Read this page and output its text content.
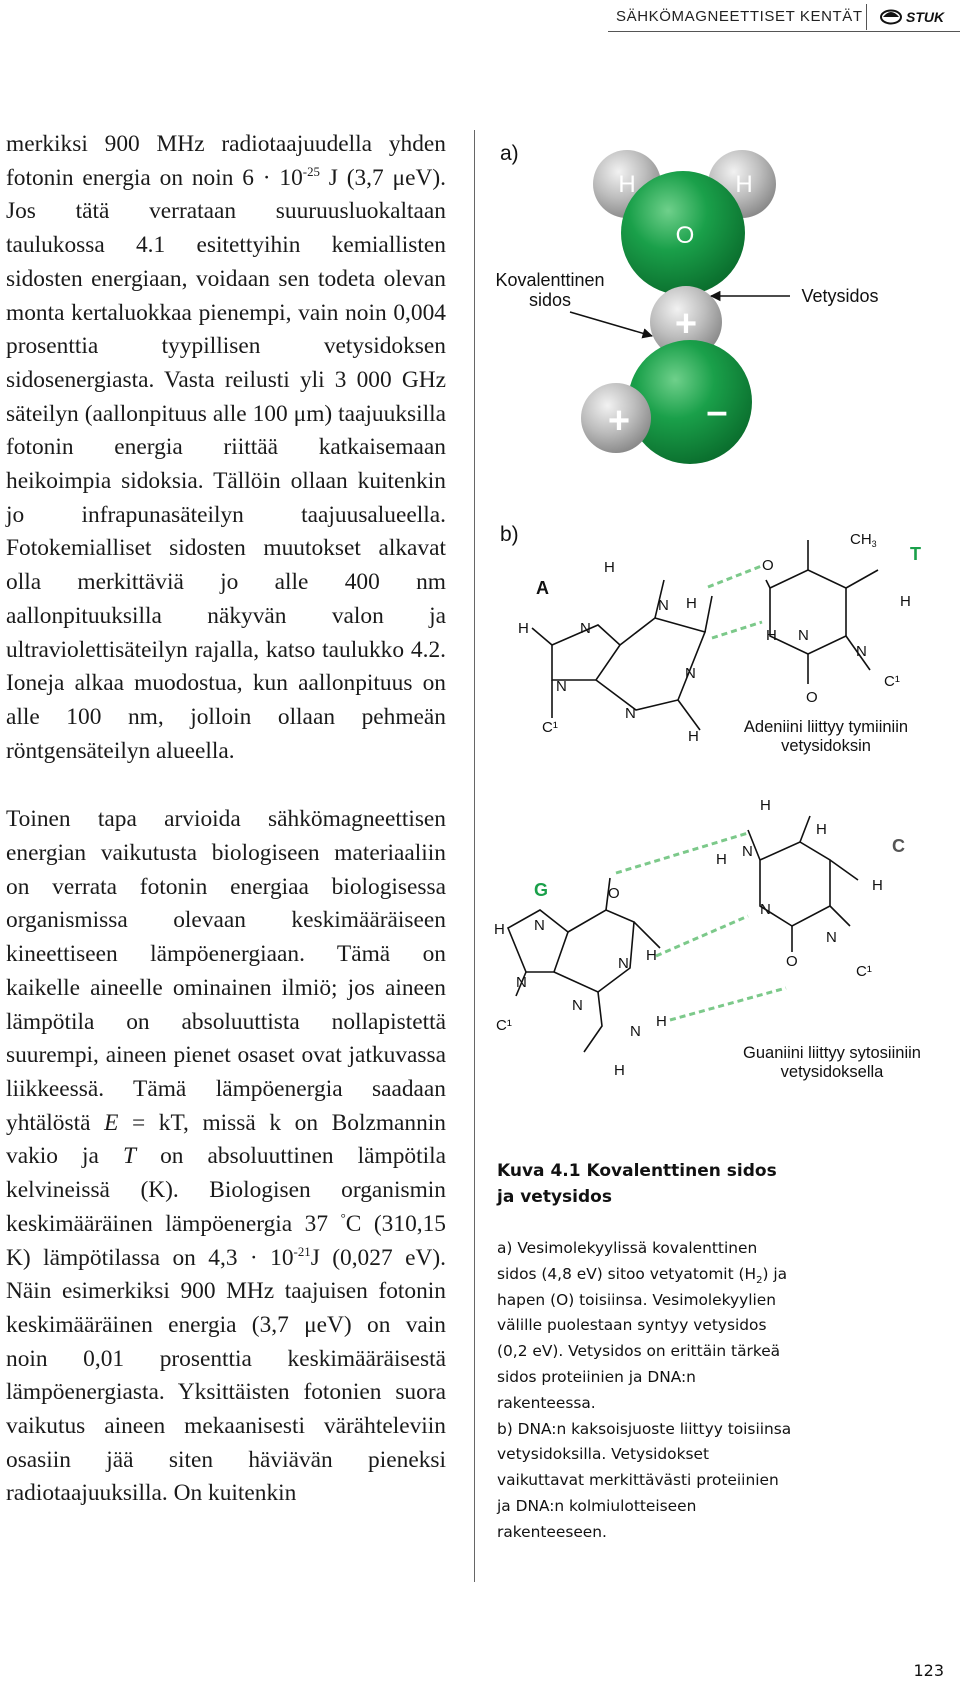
SÄHKÖMAGNEETTISET KENTÄT	STUK

merkiksi 900 MHz radiotaajuudella yhden fotonin energia on noin $6 \cdot 10^{-25}$ J (3,7 μeV). Jos tätä verrataan suuruusluokaltaan taulukossa 4.1 esitettyihin kemiallisten sidosten energiaan, voidaan sen todeta olevan monta kertaluokkaa pienempi, vain noin 0,004 prosenttia tyypillisen vetysidoksen sidosenergiasta. Vasta reilusti yli 3 000 GHz säteilyn (aallonpituus alle 100 μm) taajuuksilla fotonin energia riittää katkaisemaan heikoimpia sidoksia. Tällöin ollaan kuitenkin jo infrapunasäteilyn taajuusalueella. Fotokemialliset sidosten muutokset alkavat olla merkittäviä jo alle 400 nm aallonpituuksilla näkyvän valon ja ultraviolettisäteilyn rajalla, katso taulukko 4.2. Ioneja alkaa muodostua, kun aallonpituus on alle 100 nm, jolloin ollaan pehmeän röntgensäteilyn alueella.

Toinen tapa arvioida sähkömagneettisen energian vaikutusta biologiseen materiaaliin on verrata fotonin energiaa biologisessa organismissa olevaan keskimääräiseen kineettiseen lämpöenergiaan. Tämä on kaikelle aineelle ominainen ilmiö; jos aineen lämpötila on absoluuttista nollapistettä suurempi, aineen pienet osaset ovat jatkuvassa liikkeessä. Tämä lämpöenergia saadaan yhtälöstä E = kT, missä k on Bolzmannin vakio ja T on absoluuttinen lämpötila kelvineissä (K). Biologisen organismin keskimääräinen lämpöenergia 37 °C (310,15 K) lämpötilassa on $4,3 \cdot 10^{-21}J$ (0,027 eV). Näin esimerkiksi 900 MHz taajuisen fotonin keskimääräinen energia (3,7 μeV) on vain noin 0,01 prosenttia keskimääräisestä lämpöenergiasta. Yksittäisten fotonien suora vaikutus aineen mekaanisesti värähteleviin osasiin jää siten häviävän pieneksi radiotaajuuksilla. On kuitenkin

a)
b)
H	H
O
+
+ –
Kovalenttinen
sidos	Vetysidos
A
T
H
N H
N
H
N
N
N
H
C¹
O
$CH_3$
H
N
H
N
O
C¹
Adeniini liittyy tymiiniin
vetysidoksin
G
C
O
H N
N
N H
N
N
H
H
C¹
H
N
H
H
H
N
N
O
C¹
Guaniini liittyy sytosiiniin
vetysidoksella

Kuva 4.1 Kovalenttinen sidos ja vetysidos

a) Vesimolekyylissä kovalenttinen sidos (4,8 eV) sitoo vetyatomit $(H_2)$ ja hapen (O) toisiinsa. Vesimolekyylien välille puolestaan syntyy vetysidos (0,2 eV). Vetysidos on erittäin tärkeä sidos proteiinien ja DNA:n rakenteessa.

b) DNA:n kaksoisjuoste liittyy toisiinsa vetysidoksilla. Vetysidokset vaikuttavat merkittävästi proteiinien ja DNA:n kolmiulotteiseen rakenteeseen.

123
